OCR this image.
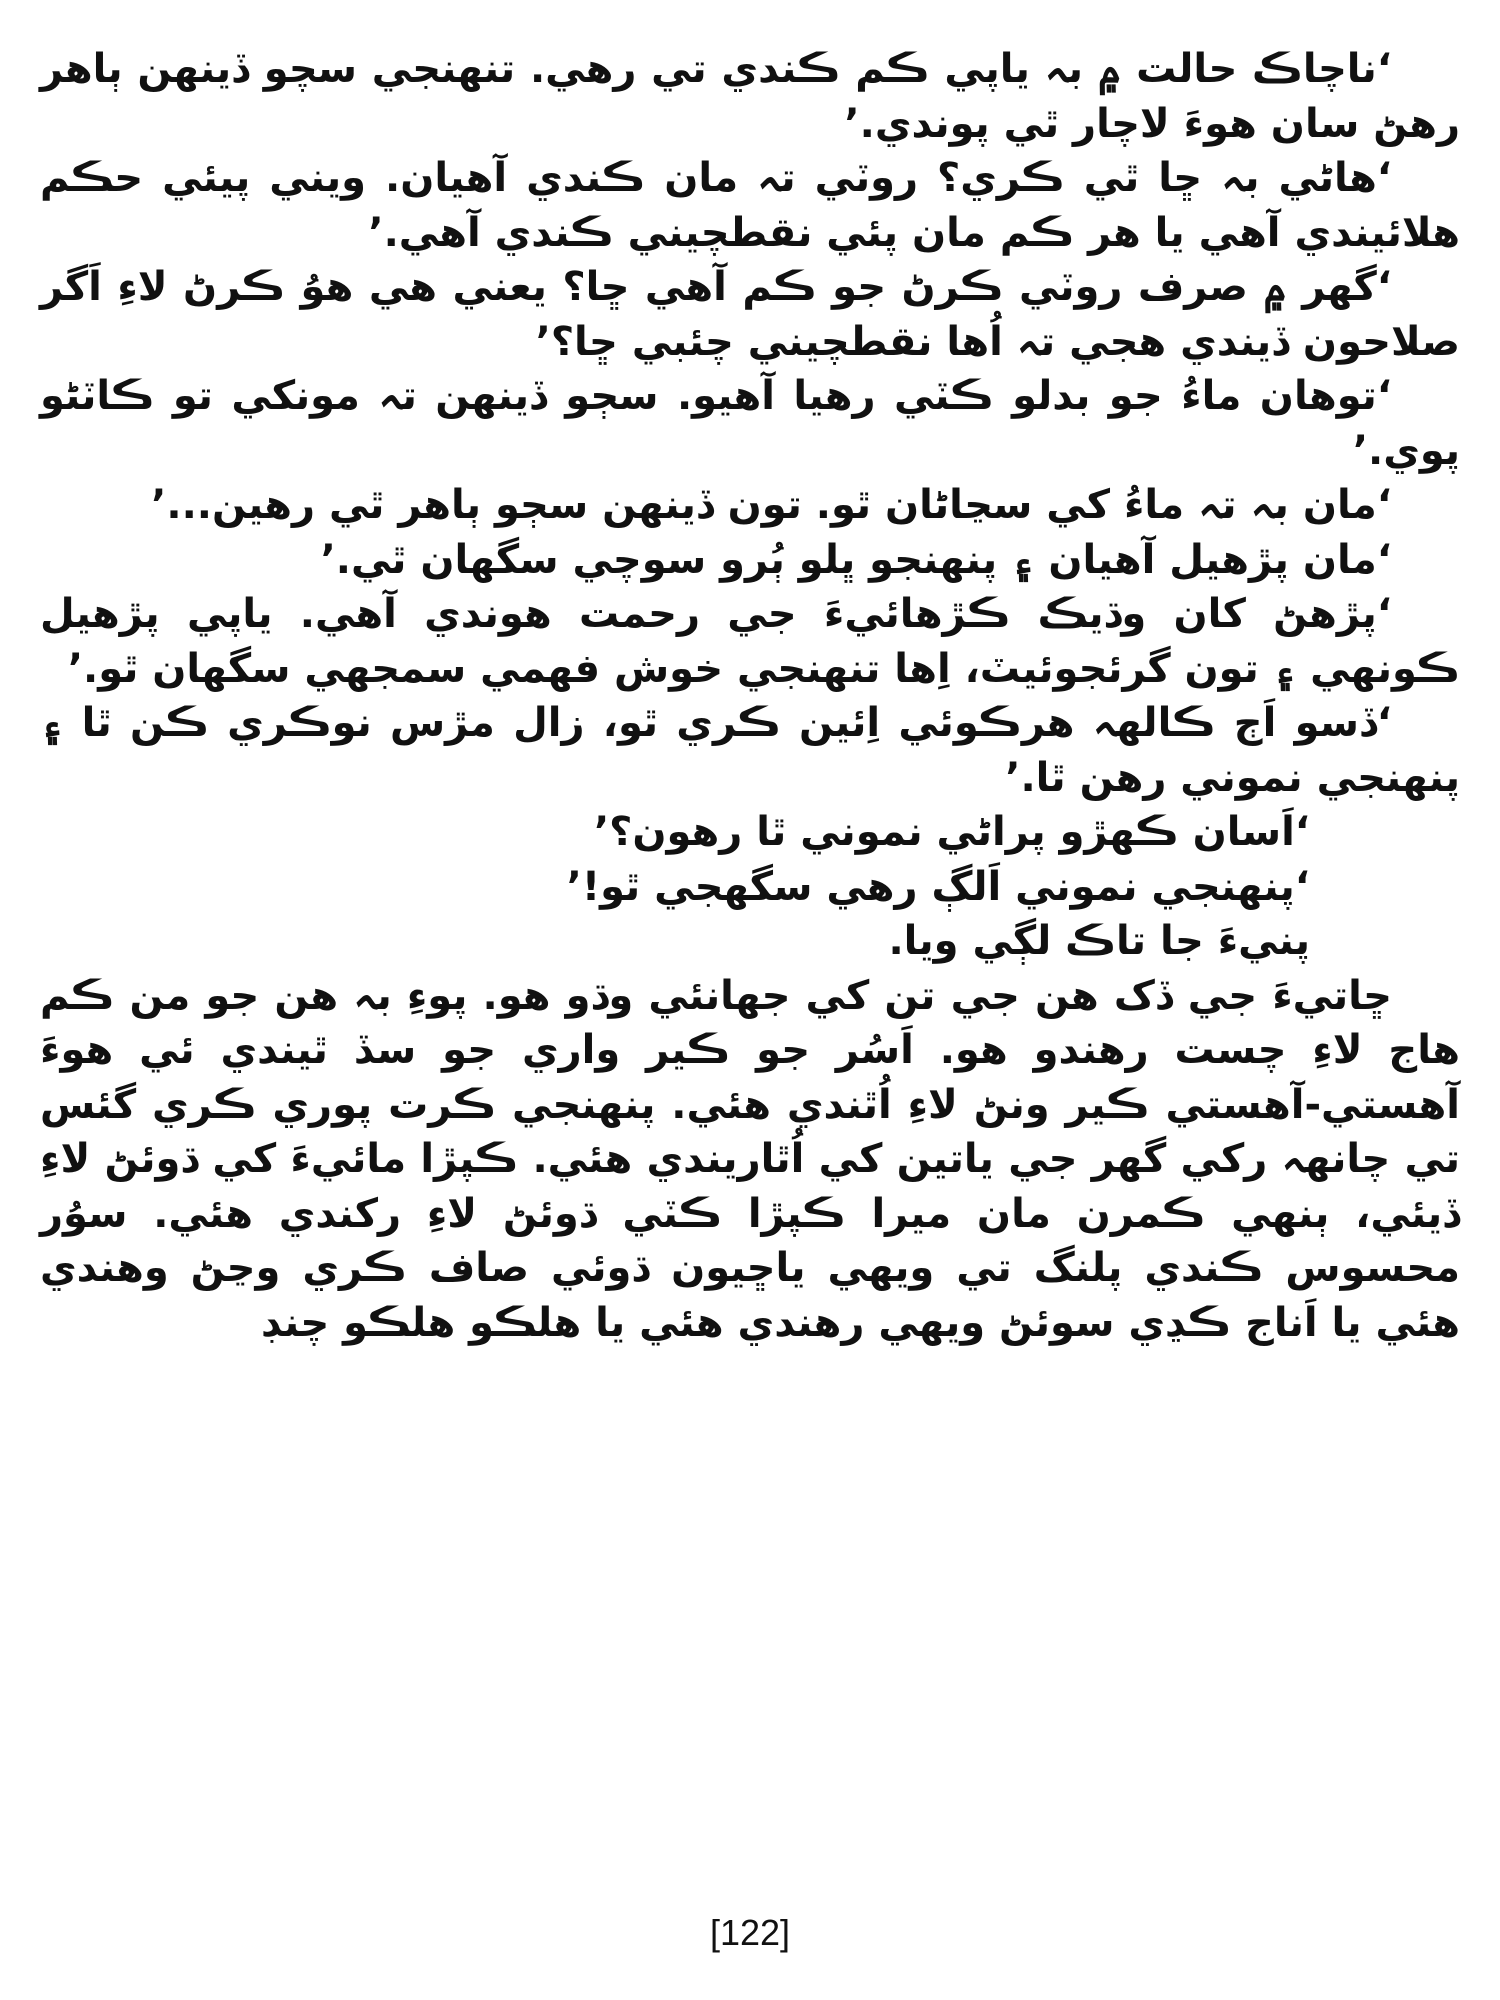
‘ناچاڪ حالت ۾ بہ ياپي ڪم ڪندي تي رهي. تنهنجي سچو ڏينهن ٻاهر رهڻ سان هوءَ لاچار ٿي پوندي.’

‘هاڻي بہ ڇا ٿي ڪري؟ روٽي تہ مان ڪندي آهيان. ويني پيئي حڪم هلائيندي آهي يا هر ڪم مان پئي نقطچيني ڪندي آهي.’

‘گهر ۾ صرف روٽي ڪرڻ جو ڪم آهي ڇا؟ يعني هي هوُ ڪرڻ لاءِ اَگر صلاحون ڏيندي هجي تہ اُها نقطچيني چئبي ڇا؟’

‘توهان ماءُ جو بدلو ڪٽي رهيا آهيو. سڄو ڏينهن تہ مونکي تو ڪاٽڻو پوي.’

‘مان بہ تہ ماءُ کي سڃاڻان ٿو. تون ڏينهن سڄو ٻاهر ٿي رهين...’

‘مان پڙهيل آهيان ۽ پنهنجو ڀلو ٻُرو سوچي سگهان ٿي.’

‘پڙهڻ کان وڌيڪ ڪڙهائيءَ جي رحمت هوندي آهي. ياپي پڙهيل ڪونهي ۽ تون گرئجوئيٽ، اِها تنهنجي خوش فهمي سمجهي سگهان ٿو.’

‘ڏسو اَڄ ڪالهہ هرڪوئي اِئين ڪري ٿو، زال مڙس نوڪري ڪن ٿا ۽ پنهنجي نموني رهن ٿا.’

‘اَسان ڪهڙو پراڻي نموني ٿا رهون؟’

‘پنهنجي نموني اَلڳ رهي سگهجي ٿو!’

پنيءَ جا تاڪ لڳي ويا.

ڇاتيءَ جي ڏک هن جي تن کي جهانئي وڌو هو. پوءِ بہ هن جو من ڪم هاج لاءِ چست رهندو هو. اَسُر جو ڪير واري جو سڏ ٿيندي ئي هوءَ آهستي-آهستي ڪير ونڻ لاءِ اُٿندي هئي. پنهنجي ڪرت پوري ڪري گئس تي چانهہ رکي گهر جي ياتين کي اُٿاريندي هئي. ڪپڙا مائيءَ کي ڌوئڻ لاءِ ڏيئي، ٻنهي ڪمرن مان ميرا ڪپڙا ڪٽي ڌوئڻ لاءِ رکندي هئي. سوُر محسوس ڪندي پلنگ تي ويهي ياڇيون ڌوئي صاف ڪري وڃڻ وهندي هئي يا اَناج ڪڍي سوئڻ ويهي رهندي هئي يا هلڪو هلڪو چنڊ

[122]
